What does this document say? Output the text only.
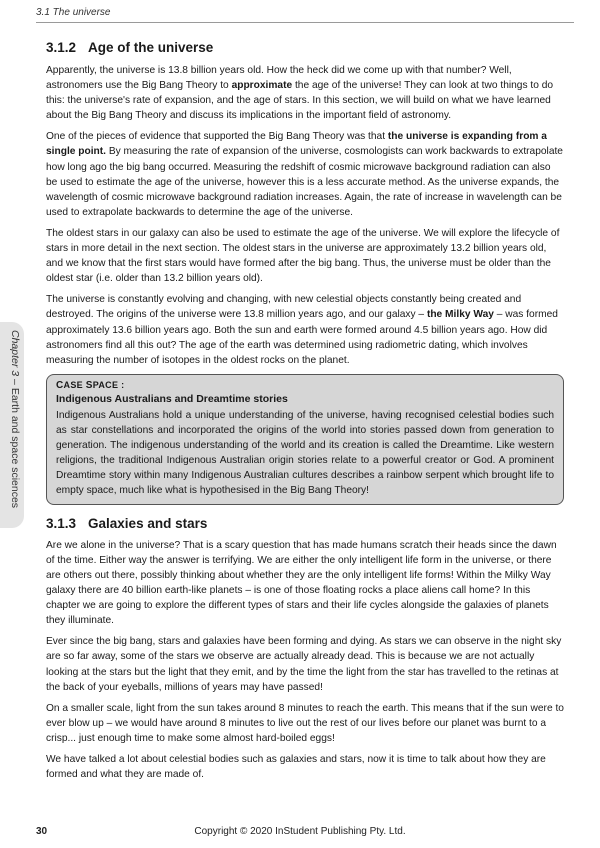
3.1 The universe
Chapter 3 – Earth and space sciences
3.1.2 Age of the universe

Apparently, the universe is 13.8 billion years old. How the heck did we come up with that number? Well, astronomers use the Big Bang Theory to approximate the age of the universe! They can look at two things to do this: the universe's rate of expansion, and the age of stars. In this section, we will build on what we have learned about the Big Bang Theory and discuss its implications in the important field of astronomy.

One of the pieces of evidence that supported the Big Bang Theory was that the universe is expanding from a single point. By measuring the rate of expansion of the universe, cosmologists can work backwards to extrapolate how long ago the big bang occurred. Measuring the redshift of cosmic microwave background radiation can also be used to estimate the age of the universe, however this is a less accurate method. As the universe expands, the wavelength of cosmic microwave background radiation increases. Again, the rate of increase in wavelength can be used to extrapolate backwards to determine the age of the universe.

The oldest stars in our galaxy can also be used to estimate the age of the universe. We will explore the lifecycle of stars in more detail in the next section. The oldest stars in the universe are approximately 13.2 billion years old, and we know that the first stars would have formed after the big bang. Thus, the universe must be older than the oldest star (i.e. older than 13.2 billion years old).

The universe is constantly evolving and changing, with new celestial objects constantly being created and destroyed. The origins of the universe were 13.8 million years ago, and our galaxy – the Milky Way – was formed approximately 13.6 billion years ago. Both the sun and earth were formed around 4.5 billion years ago. How did astronomers find all this out? The age of the earth was determined using radiometric dating, which involves measuring the number of isotopes in the oldest rocks on the planet.

CASE SPACE :
Indigenous Australians and Dreamtime stories

Indigenous Australians hold a unique understanding of the universe, having recognised celestial bodies such as star constellations and incorporated the origins of the world into stories passed down from generation to generation. The indigenous understanding of the world and its creation is called the Dreamtime. Like western religions, the traditional Indigenous Australian origin stories relate to a powerful creator or God. A prominent Dreamtime story within many Indigenous Australian cultures describes a rainbow serpent which brought life to empty space, much like what is hypothesised in the Big Bang Theory!

3.1.3 Galaxies and stars

Are we alone in the universe? That is a scary question that has made humans scratch their heads since the dawn of the time. Either way the answer is terrifying. We are either the only intelligent life form in the universe, or there are others out there, possibly thinking about whether they are the only intelligent life forms! Within the Milky Way galaxy there are 40 billion earth-like planets – is one of those floating rocks a place aliens call home? In this chapter we are going to explore the different types of stars and their life cycles alongside the galaxies of planets they illuminate.

Ever since the big bang, stars and galaxies have been forming and dying. As stars we can observe in the night sky are so far away, some of the stars we observe are actually already dead. This is because we are not actually looking at the stars but the light that they emit, and by the time the light from the star has travelled to the retinas at the back of your eyeballs, millions of years may have passed!

On a smaller scale, light from the sun takes around 8 minutes to reach the earth. This means that if the sun were to ever blow up – we would have around 8 minutes to live out the rest of our lives before our planet was burnt to a crisp... just enough time to make some almost hard-boiled eggs!

We have talked a lot about celestial bodies such as galaxies and stars, now it is time to talk about how they are formed and what they are made of.

30	Copyright © 2020 InStudent Publishing Pty. Ltd.
